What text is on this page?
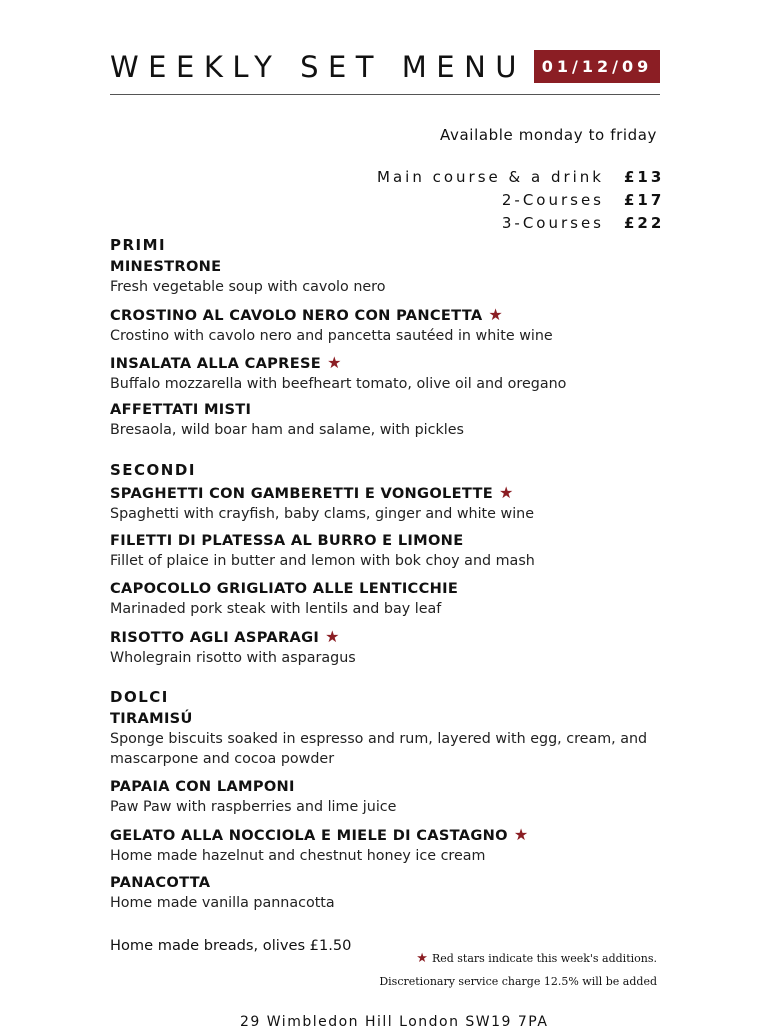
WEEKLY SET MENU 01/12/09
Available monday to friday
Main course & a drink £13
2-Courses £17
3-Courses £22
PRIMI
MINESTRONE
Fresh vegetable soup with cavolo nero
CROSTINO AL CAVOLO NERO CON PANCETTA ★
Crostino with cavolo nero and pancetta sautéed in white wine
INSALATA ALLA CAPRESE ★
Buffalo mozzarella with beefheart tomato, olive oil and oregano
AFFETTATI MISTI
Bresaola, wild boar ham and salame, with pickles
SECONDI
SPAGHETTI CON GAMBERETTI E VONGOLETTE ★
Spaghetti with crayfish, baby clams, ginger and white wine
FILETTI DI PLATESSA AL BURRO E LIMONE
Fillet of plaice in butter and lemon with bok choy and mash
CAPOCOLLO GRIGLIATO ALLE LENTICCHIE
Marinaded pork steak with lentils and bay leaf
RISOTTO AGLI ASPARAGI ★
Wholegrain risotto with asparagus
DOLCI
TIRAMISÚ
Sponge biscuits soaked in espresso and rum, layered with egg, cream, and mascarpone and cocoa powder
PAPAIA CON LAMPONI
Paw Paw with raspberries and lime juice
GELATO ALLA NOCCIOLA E MIELE DI CASTAGNO ★
Home made hazelnut and chestnut honey ice cream
PANACOTTA
Home made vanilla pannacotta
Home made breads, olives £1.50
★ Red stars indicate this week's additions.
Discretionary service charge 12.5% will be added
29 Wimbledon Hill London SW19 7PA
